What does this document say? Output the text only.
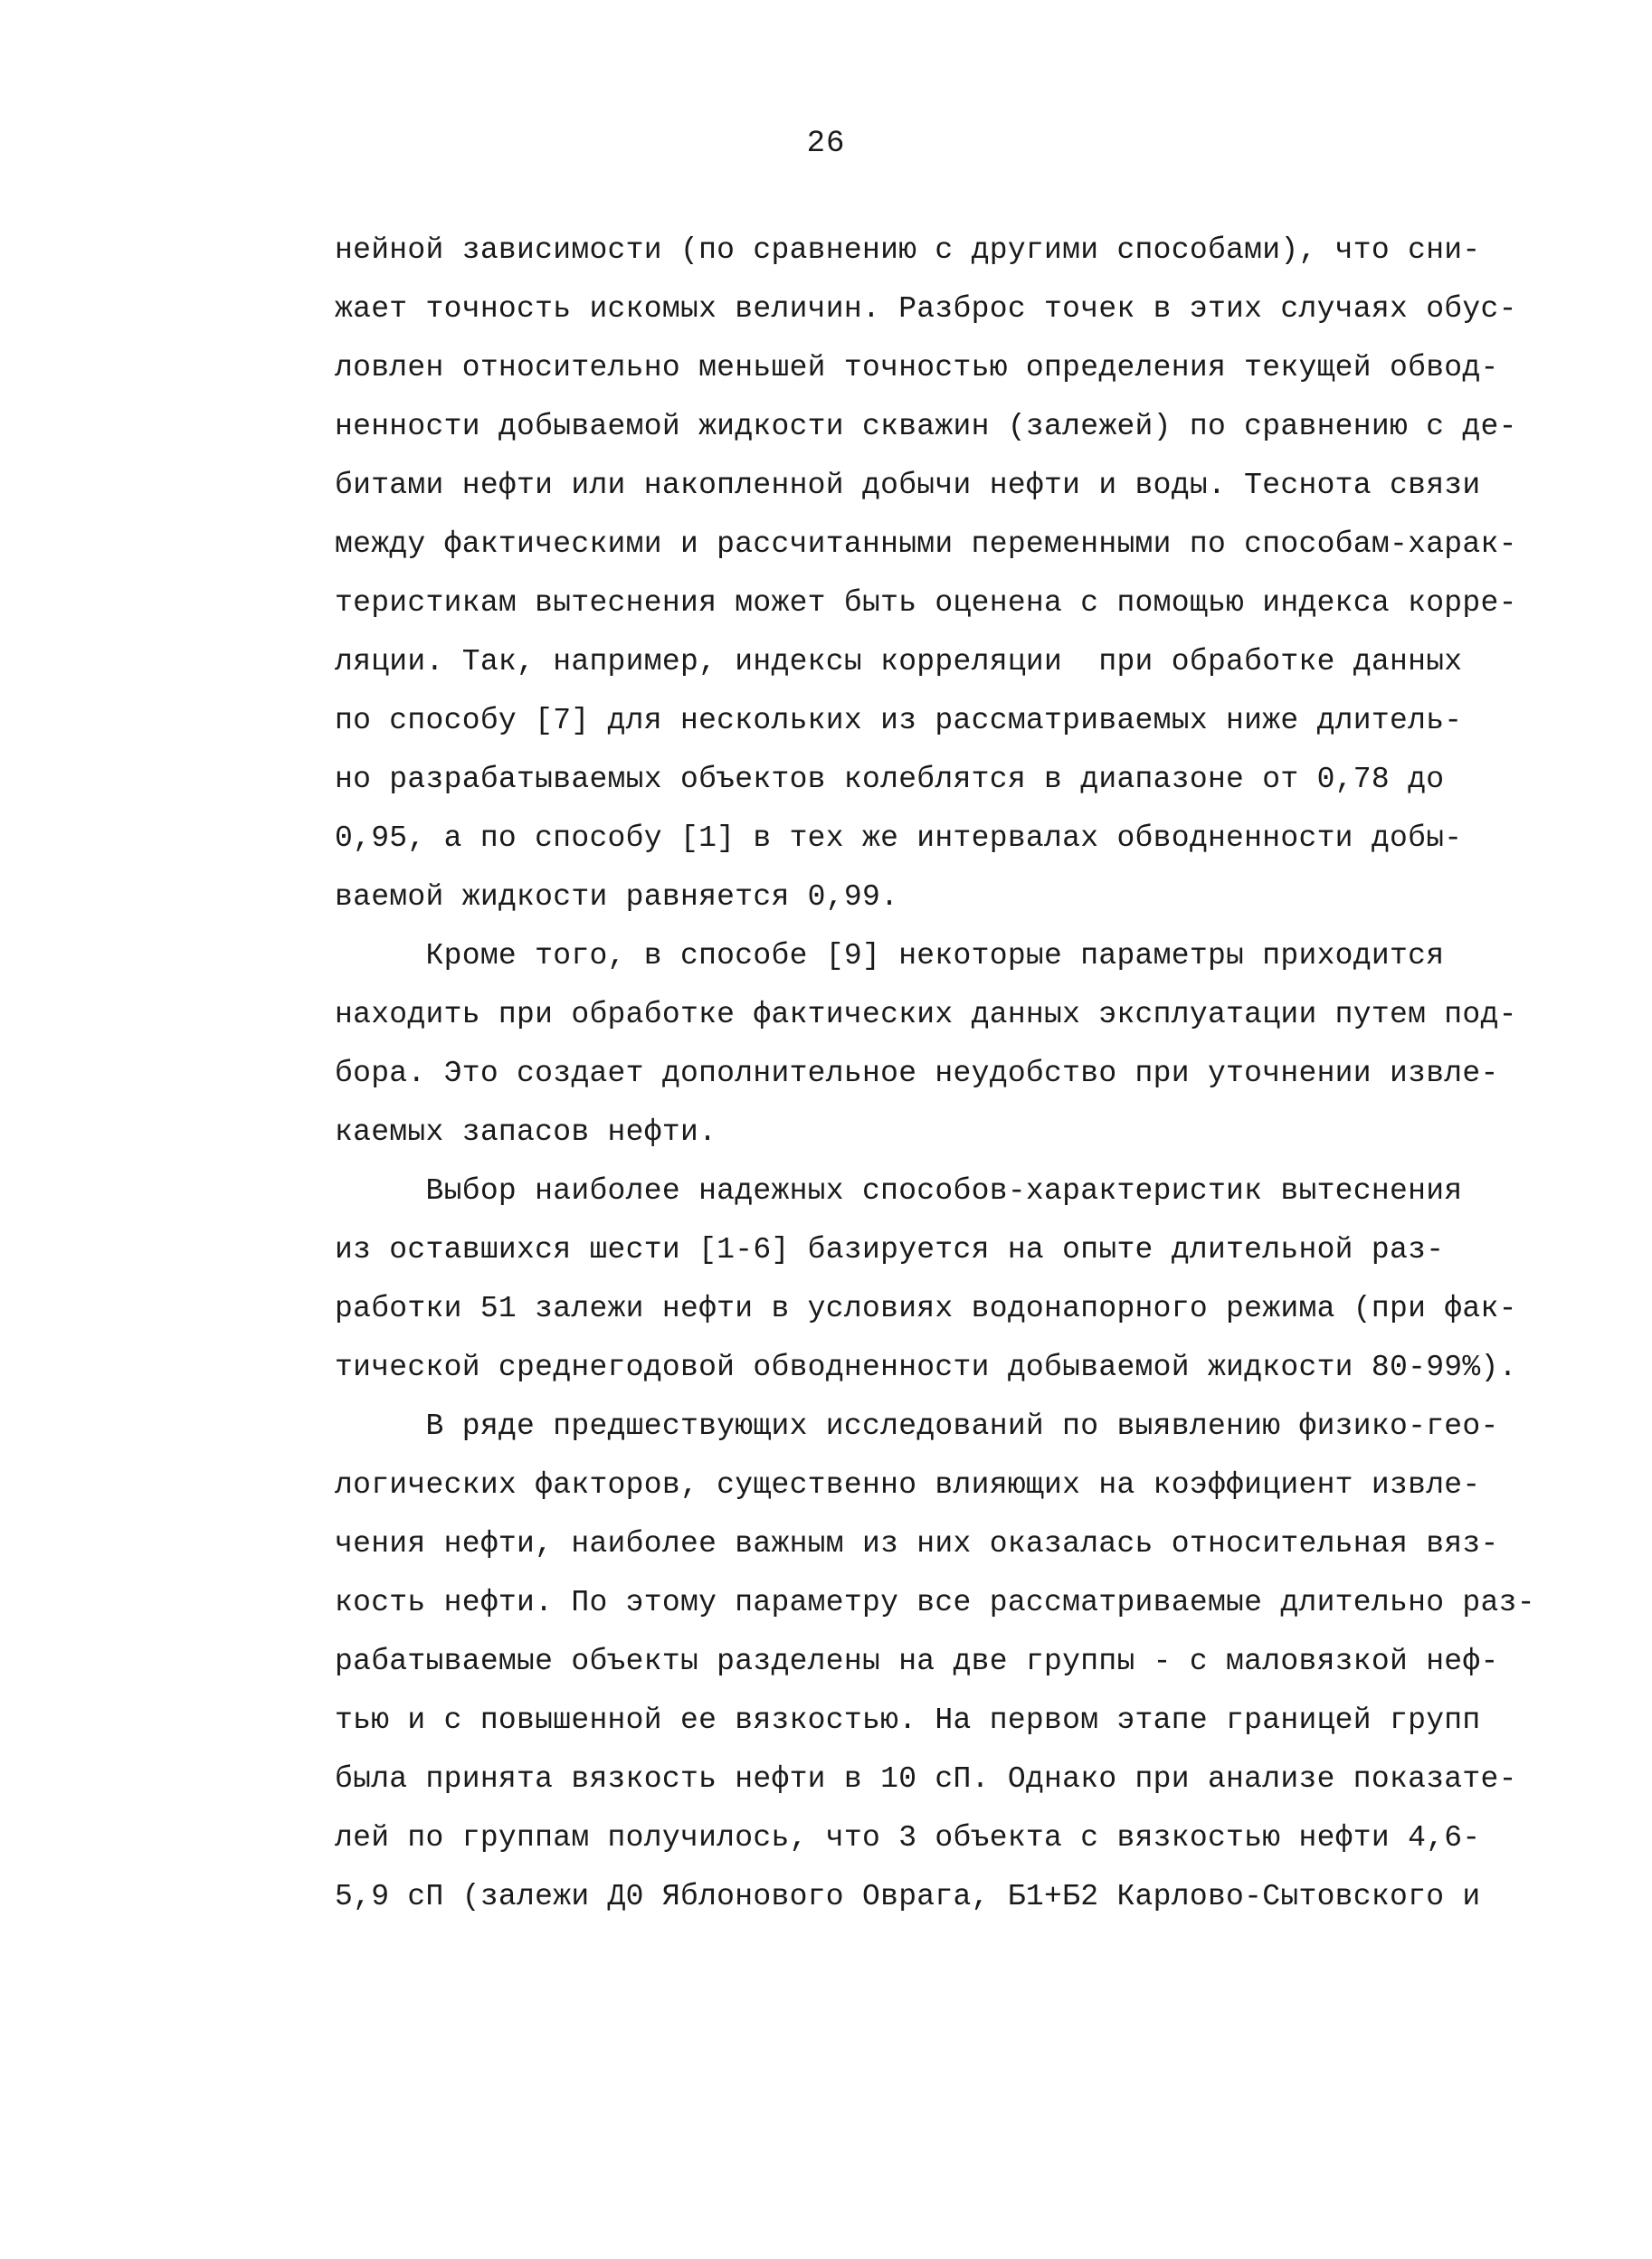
26
нейной зависимости (по сравнению с другими способами), что сни-
жает точность искомых величин. Разброс точек в этих случаях обус-
ловлен относительно меньшей точностью определения текущей обвод-
ненности добываемой жидкости скважин (залежей) по сравнению с де-
битами нефти или накопленной добычи нефти и воды. Теснота связи
между фактическими и рассчитанными переменными по способам-харак-
теристикам вытеснения может быть оценена с помощью индекса корре-
ляции. Так, например, индексы корреляции  при обработке данных
по способу [7] для нескольких из рассматриваемых ниже длитель-
но разрабатываемых объектов колеблятся в диапазоне от 0,78 до
0,95, а по способу [1] в тех же интервалах обводненности добы-
ваемой жидкости равняется 0,99.
Кроме того, в способе [9] некоторые параметры приходится
находить при обработке фактических данных эксплуатации путем под-
бора. Это создает дополнительное неудобство при уточнении извле-
каемых запасов нефти.
Выбор наиболее надежных способов-характеристик вытеснения
из оставшихся шести [1-6] базируется на опыте длительной раз-
работки 51 залежи нефти в условиях водонапорного режима (при фак-
тической среднегодовой обводненности добываемой жидкости 80-99%).
В ряде предшествующих исследований по выявлению физико-гео-
логических факторов, существенно влияющих на коэффициент извле-
чения нефти, наиболее важным из них оказалась относительная вяз-
кость нефти. По этому параметру все рассматриваемые длительно раз-
рабатываемые объекты разделены на две группы - с маловязкой неф-
тью и с повышенной ее вязкостью. На первом этапе границей групп
была принята вязкость нефти в 10 сП. Однако при анализе показате-
лей по группам получилось, что 3 объекта с вязкостью нефти 4,6-
5,9 сП (залежи Д0 Яблонового Оврага, Б1+Б2 Карлово-Сытовского и
